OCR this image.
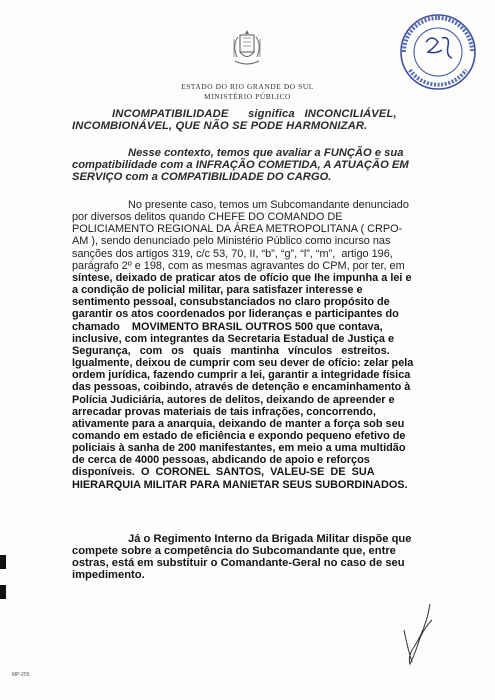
ESTADO DO RIO GRANDE DO SUL
MINISTÉRIO PÚBLICO
INCOMPATIBILIDADE      significa   INCONCILIÁVEL,
INCOMBIONÁVEL, QUE NÃO SE PODE HARMONIZAR.
Nesse contexto, temos que avaliar a FUNÇÃO e sua
compatibilidade com a INFRAÇÃO COMETIDA, A ATUAÇÃO EM
SERVIÇO com a COMPATIBILIDADE DO CARGO.
No presente caso, temos um Subcomandante denunciado
por diversos delitos quando CHEFE DO COMANDO DE
POLICIAMENTO REGIONAL DA ÁREA METROPOLITANA ( CRPO-
AM ), sendo denunciado pelo Ministério Público como incurso nas
sanções dos artigos 319, c/c 53, 70, II, “b”, “g”, “l”, “m”,  artigo 196,
parágrafo 2º e 198, com as mesmas agravantes do CPM, por ter, em
síntese, deixado de praticar atos de ofício que Ihe impunha a lei e
a condição de policial militar, para satisfazer interesse e
sentimento pessoal, consubstanciados no claro propósito de
garantir os atos coordenados por lideranças e participantes do
chamado    MOVIMENTO BRASIL OUTROS 500 que contava,
inclusive, com integrantes da Secretaria Estadual de Justiça e
Segurança,   com   os   quais   mantinha   vínculos   estreitos.
Igualmente, deixou de cumprir com seu dever de ofício: zelar pela
ordem jurídica, fazendo cumprir a lei, garantir a integridade física
das pessoas, coibindo, através de detenção e encaminhamento à
Polícia Judiciária, autores de delitos, deixando de apreender e
arrecadar provas materiais de tais infrações, concorrendo,
ativamente para a anarquia, deixando de manter a força sob seu
comando em estado de eficiência e expondo pequeno efetivo de
policiais à sanha de 200 manifestantes, em meio a uma multidão
de cerca de 4000 pessoas, abdicando de apoio e reforços
disponíveis.  O  CORONEL  SANTOS,  VALEU-SE  DE  SUA
HIERARQUIA MILITAR PARA MANIETAR SEUS SUBORDINADOS.
Já o Regimento Interno da Brigada Militar dispõe que
compete sobre a competência do Subcomandante que, entre
ostras, está em substituir o Comandante-Geral no caso de seu
impedimento.
MP-255
